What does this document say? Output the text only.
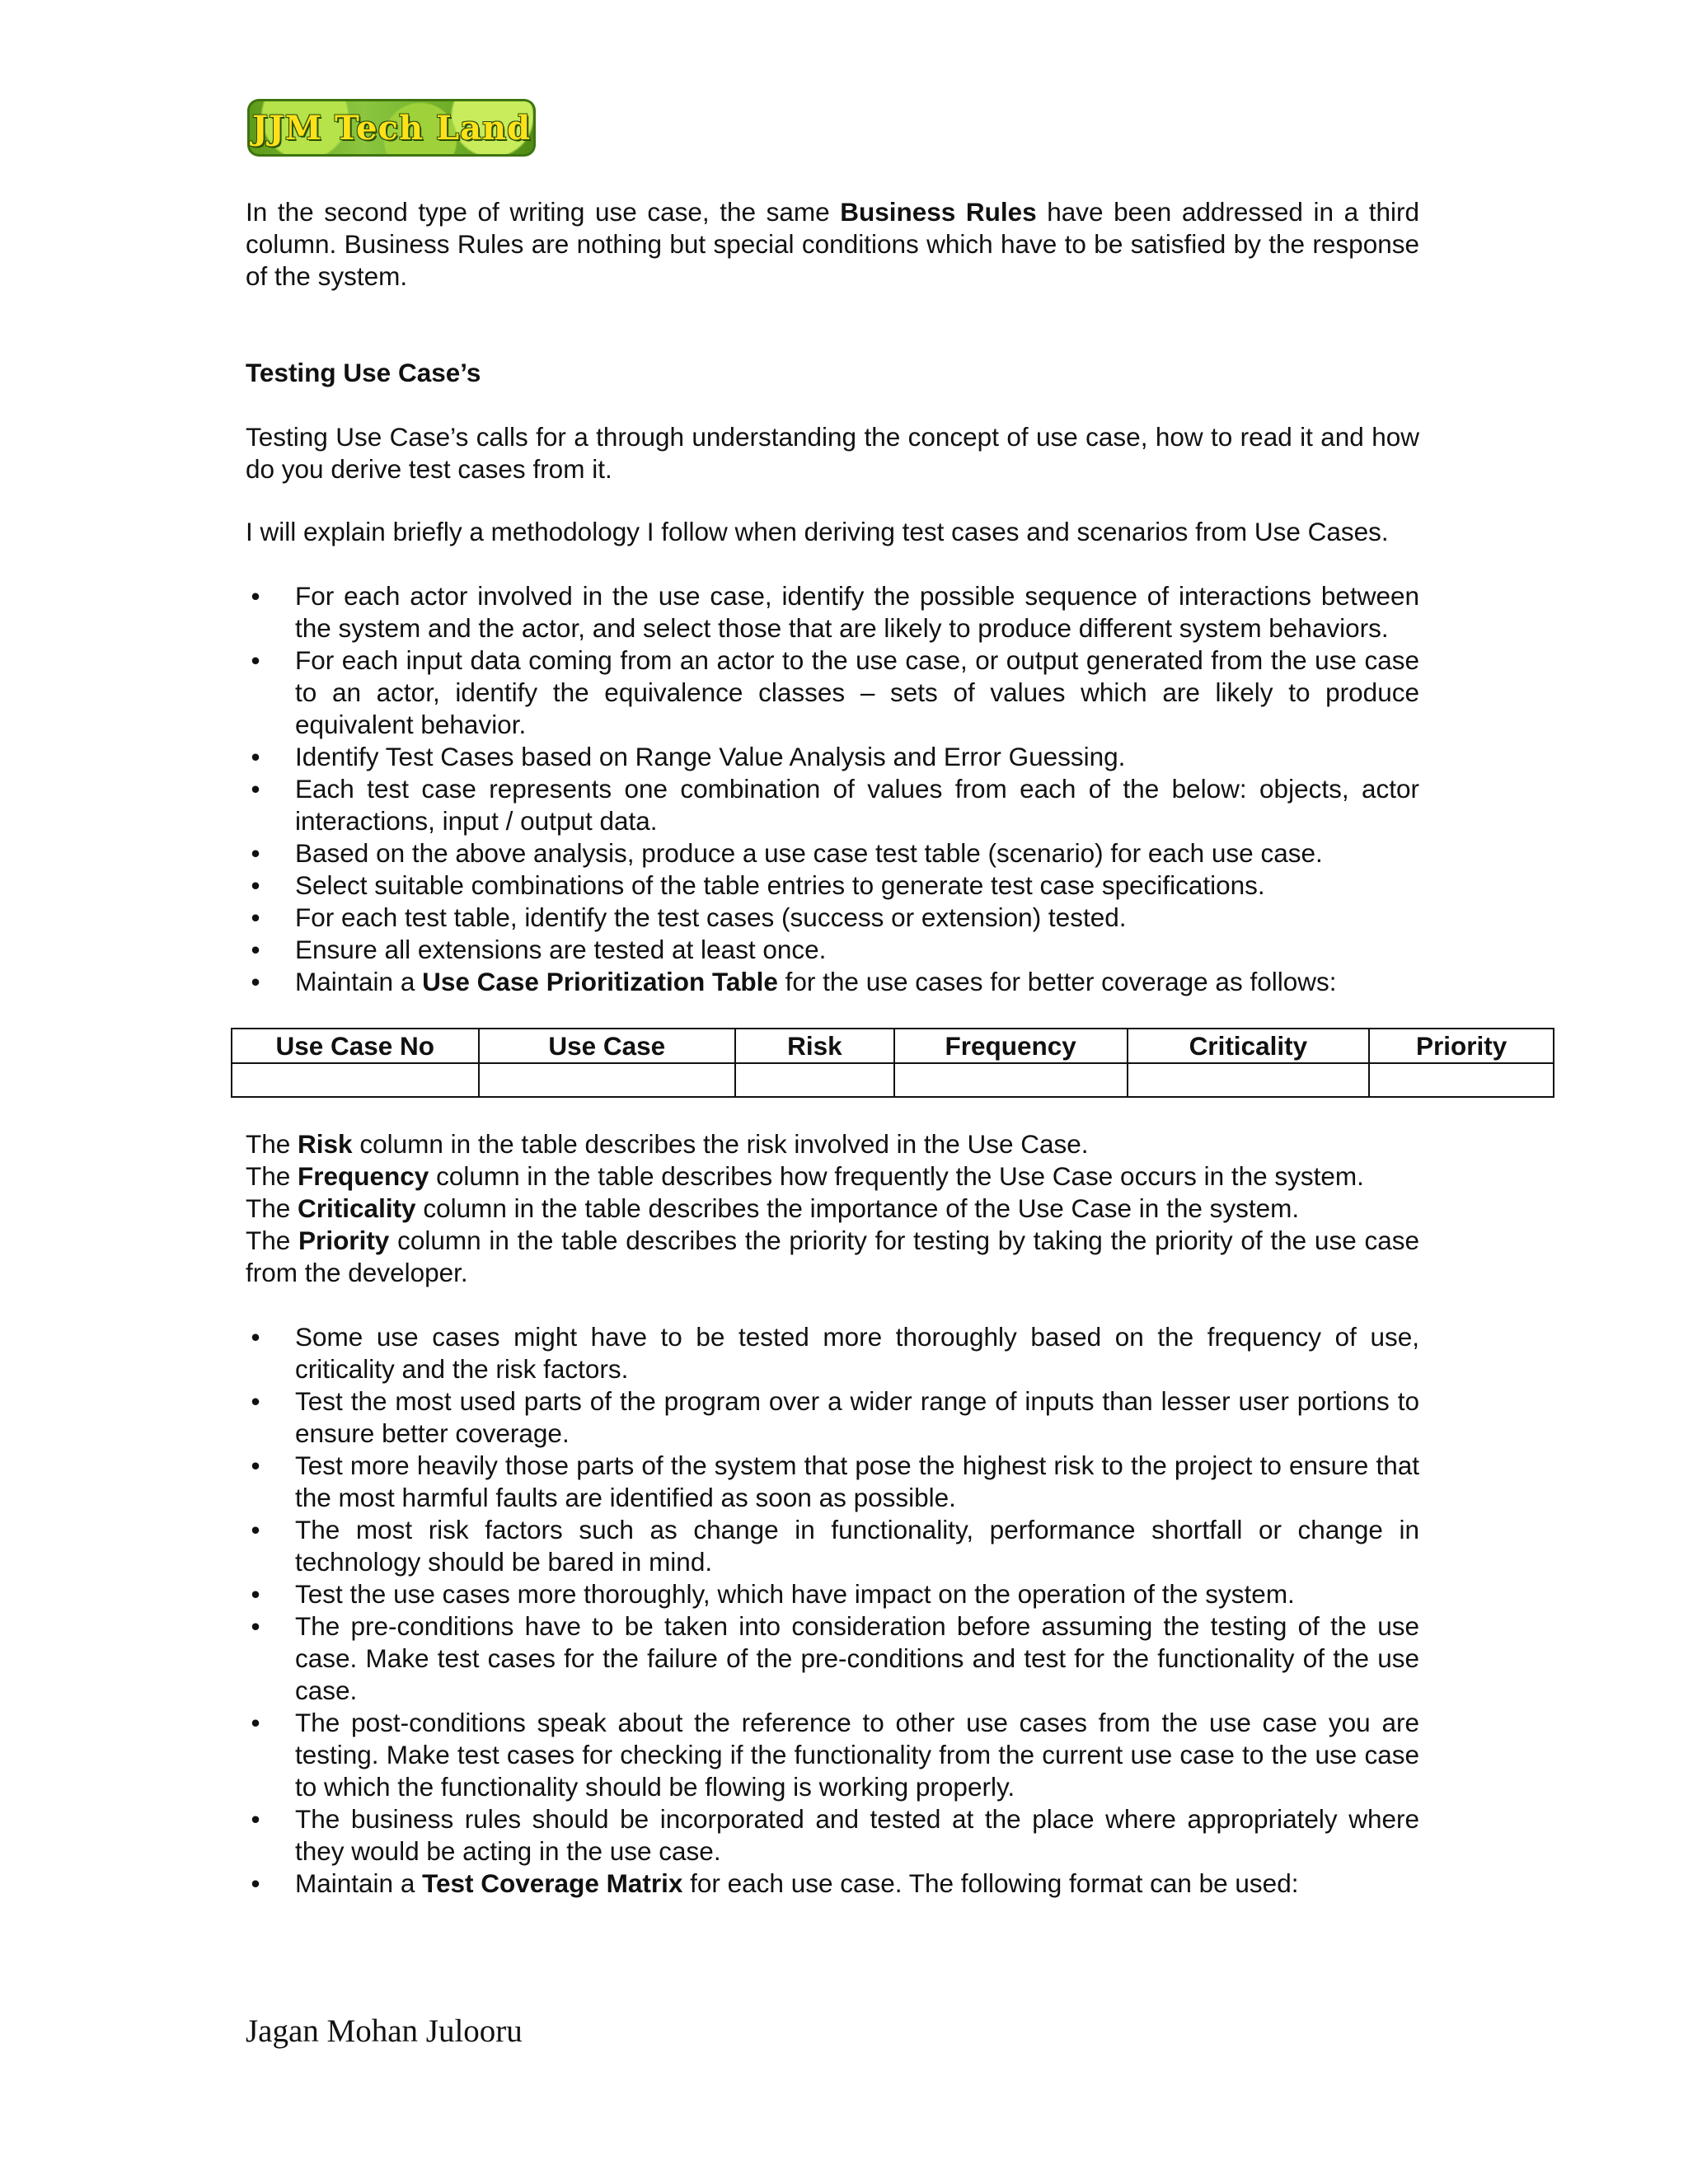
JJM Tech Land

In the second type of writing use case, the same Business Rules have been addressed in a third column. Business Rules are nothing but special conditions which have to be satisfied by the response of the system.

Testing Use Case’s

Testing Use Case’s calls for a through understanding the concept of use case, how to read it and how do you derive test cases from it.

I will explain briefly a methodology I follow when deriving test cases and scenarios from Use Cases.

• For each actor involved in the use case, identify the possible sequence of interactions between the system and the actor, and select those that are likely to produce different system behaviors.
• For each input data coming from an actor to the use case, or output generated from the use case to an actor, identify the equivalence classes – sets of values which are likely to produce equivalent behavior.
• Identify Test Cases based on Range Value Analysis and Error Guessing.
• Each test case represents one combination of values from each of the below: objects, actor interactions, input / output data.
• Based on the above analysis, produce a use case test table (scenario) for each use case.
• Select suitable combinations of the table entries to generate test case specifications.
• For each test table, identify the test cases (success or extension) tested.
• Ensure all extensions are tested at least once.
• Maintain a Use Case Prioritization Table for the use cases for better coverage as follows:
Use Case No	Use Case	Risk	Frequency	Criticality	Priority

The Risk column in the table describes the risk involved in the Use Case.

The Frequency column in the table describes how frequently the Use Case occurs in the system.

The Criticality column in the table describes the importance of the Use Case in the system.

The Priority column in the table describes the priority for testing by taking the priority of the use case from the developer.

• Some use cases might have to be tested more thoroughly based on the frequency of use, criticality and the risk factors.
• Test the most used parts of the program over a wider range of inputs than lesser user portions to ensure better coverage.
• Test more heavily those parts of the system that pose the highest risk to the project to ensure that the most harmful faults are identified as soon as possible.
• The most risk factors such as change in functionality, performance shortfall or change in technology should be bared in mind.
• Test the use cases more thoroughly, which have impact on the operation of the system.
• The pre-conditions have to be taken into consideration before assuming the testing of the use case. Make test cases for the failure of the pre-conditions and test for the functionality of the use case.
• The post-conditions speak about the reference to other use cases from the use case you are testing. Make test cases for checking if the functionality from the current use case to the use case to which the functionality should be flowing is working properly.
• The business rules should be incorporated and tested at the place where appropriately where they would be acting in the use case.
• Maintain a Test Coverage Matrix for each use case. The following format can be used:
Jagan Mohan Julooru
